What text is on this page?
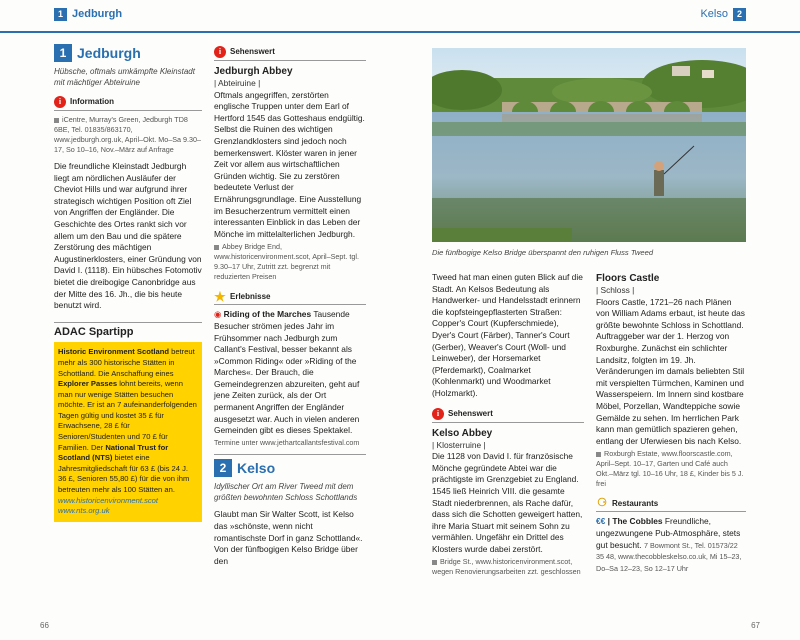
1 Jedburgh	Kelso 2
1 Jedburgh
Hübsche, oftmals umkämpfte Kleinstadt mit mächtiger Abteiruine
i	Information

iCentre, Murray's Green, Jedburgh TD8 6BE, Tel. 01835/863170, www.jedburgh.org.uk, April–Okt. Mo–Sa 9.30–17, So 10–16, Nov.–März auf Anfrage

Die freundliche Kleinstadt Jedburgh liegt am nördlichen Ausläufer der Cheviot Hills und war aufgrund ihrer strategisch wichtigen Position oft Ziel von Angriffen der Engländer. Die Geschichte des Ortes rankt sich vor allem um den Bau und die spätere Zerstörung des mächtigen Augustinerklosters, einer Gründung von David I. (1118). Ein hübsches Fotomotiv bietet die dreibogige Canonbridge aus der Mitte des 16. Jh., die bis heute benutzt wird.

ADAC Spartipp
Historic Environment Scotland betreut mehr als 300 historische Stätten in Schottland. Die Anschaffung eines Explorer Passes lohnt bereits, wenn man nur wenige Stätten besuchen möchte. Er ist an 7 aufeinanderfolgenden Tagen gültig und kostet 35 £ für Erwachsene, 28 £ für Senioren/Studenten und 70 £ für Familien. Der National Trust for Scotland (NTS) bietet eine Jahresmitgliedschaft für 63 £ (bis 24 J. 36 £, Senioren 55,80 £) für die von ihm betreuten mehr als 100 Stätten an.
www.historicenvironment.scot
www.nts.org.uk
i	Sehenswert
Jedburgh Abbey
| Abteiruine |

Oftmals angegriffen, zerstörten englische Truppen unter dem Earl of Hertford 1545 das Gotteshaus endgültig. Selbst die Ruinen des wichtigen Grenzlandklosters sind jedoch noch bemerkenswert. Klöster waren in jener Zeit vor allem aus wirtschaftlichen Gründen wichtig. Sie zu zerstören bedeutete Verlust der Ernährungsgrundlage. Eine Ausstellung im Besucherzentrum vermittelt einen interessanten Einblick in das Leben der Mönche im mittelalterlichen Jedburgh.

Abbey Bridge End, www.historicenvironment.scot, April–Sept. tgl. 9.30–17 Uhr, Zutritt zzt. begrenzt mit reduzierten Preisen

★ Erlebnisse

◉ Riding of the Marches Tausende Besucher strömen jedes Jahr im Frühsommer nach Jedburgh zum Callant's Festival, besser bekannt als »Common Riding« oder »Riding of the Marches«. Der Brauch, die Gemeindegrenzen abzureiten, geht auf jene Zeiten zurück, als der Ort permanent Angriffen der Engländer ausgesetzt war. Auch in vielen anderen Gemeinden gibt es dieses Spektakel. Termine unter www.jethartcallantsfestival.com

2 Kelso
Idyllischer Ort am River Tweed mit dem größten bewohnten Schloss Schottlands

Glaubt man Sir Walter Scott, ist Kelso das »schönste, wenn nicht romantischste Dorf in ganz Schottland«. Von der fünfbogigen Kelso Bridge über den

Die fünfbogige Kelso Bridge überspannt den ruhigen Fluss Tweed

Tweed hat man einen guten Blick auf die Stadt. An Kelsos Bedeutung als Handwerker- und Handelsstadt erinnern die kopfsteingepflasterten Straßen: Copper's Court (Kupferschmiede), Dyer's Court (Färber), Tanner's Court (Gerber), Weaver's Court (Woll- und Leinweber), der Horsemarket (Pferdemarkt), Coalmarket (Kohlenmarkt) und Woodmarket (Holzmarkt).

i	Sehenswert
Kelso Abbey
| Klosterruine |

Die 1128 von David I. für französische Mönche gegründete Abtei war die prächtigste im Grenzgebiet zu England. 1545 ließ Heinrich VIII. die gesamte Stadt niederbrennen, als Rache dafür, dass sich die Schotten geweigert hatten, ihre Maria Stuart mit seinem Sohn zu vermählen. Ungefähr ein Drittel des Klosters wurde dabei zerstört.

Bridge St., www.historicenvironment.scot, wegen Renovierungsarbeiten zzt. geschlossen

Floors Castle
| Schloss |

Floors Castle, 1721–26 nach Plänen von William Adams erbaut, ist heute das größte bewohnte Schloss in Schottland. Auftraggeber war der 1. Herzog von Roxburghe. Zunächst ein schlichter Landsitz, folgten im 19. Jh. Veränderungen im damals beliebten Stil mit verspielten Türmchen, Kaminen und Wasserspeiern. Im Innern sind kostbare Möbel, Porzellan, Wandteppiche sowie Gemälde zu sehen. Im herrlichen Park kann man gemütlich spazieren gehen, entlang der Uferwiesen bis nach Kelso.

Roxburgh Estate, www.floorscastle.com, April–Sept. 10–17, Garten und Café auch Okt.–März tgl. 10–16 Uhr, 18 £, Kinder bis 5 J. frei

⚆ Restaurants

€€ | The Cobbles Freundliche, ungezwungene Pub-Atmosphäre, stets gut besucht. 7 Bowmont St., Tel. 01573/22 35 48, www.thecobbleskelso.co.uk, Mi 15–23, Do–Sa 12–23, So 12–17 Uhr

66	67
